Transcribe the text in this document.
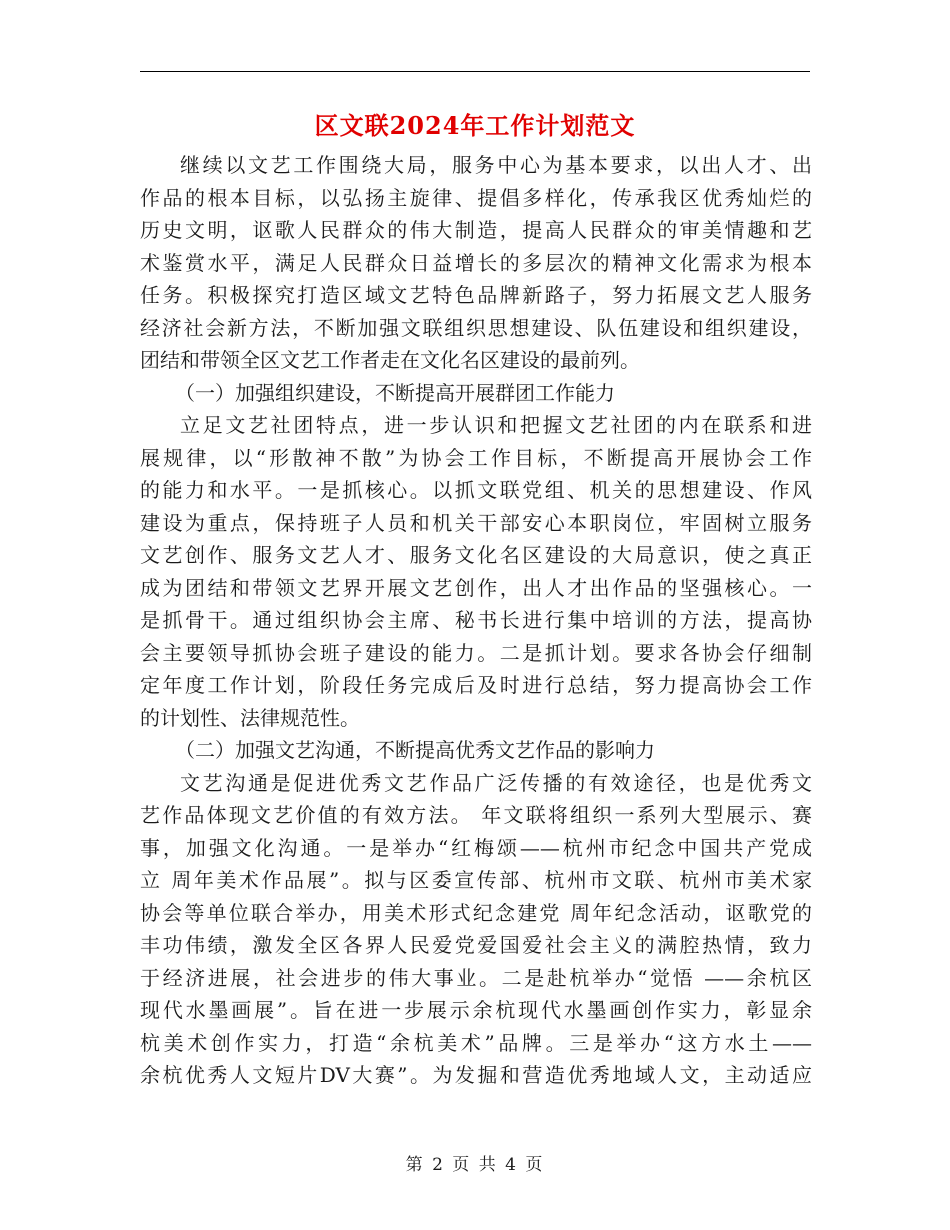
区文联2024年工作计划范文
继续以文艺工作围绕大局，服务中心为基本要求，以出人才、出
作品的根本目标，以弘扬主旋律、提倡多样化，传承我区优秀灿烂的
历史文明，讴歌人民群众的伟大制造，提高人民群众的审美情趣和艺
术鉴赏水平，满足人民群众日益增长的多层次的精神文化需求为根本
任务。积极探究打造区域文艺特色品牌新路子，努力拓展文艺人服务
经济社会新方法，不断加强文联组织思想建设、队伍建设和组织建设，
团结和带领全区文艺工作者走在文化名区建设的最前列。
（一）加强组织建设，不断提高开展群团工作能力
立足文艺社团特点，进一步认识和把握文艺社团的内在联系和进
展规律，以“形散神不散”为协会工作目标，不断提高开展协会工作
的能力和水平。一是抓核心。以抓文联党组、机关的思想建设、作风
建设为重点，保持班子人员和机关干部安心本职岗位，牢固树立服务
文艺创作、服务文艺人才、服务文化名区建设的大局意识，使之真正
成为团结和带领文艺界开展文艺创作，出人才出作品的坚强核心。一
是抓骨干。通过组织协会主席、秘书长进行集中培训的方法，提高协
会主要领导抓协会班子建设的能力。二是抓计划。要求各协会仔细制
定年度工作计划，阶段任务完成后及时进行总结，努力提高协会工作
的计划性、法律规范性。
（二）加强文艺沟通，不断提高优秀文艺作品的影响力
文艺沟通是促进优秀文艺作品广泛传播的有效途径，也是优秀文
艺作品体现文艺价值的有效方法。 年文联将组织一系列大型展示、赛
事，加强文化沟通。一是举办“红梅颂——杭州市纪念中国共产党成
立 周年美术作品展”。拟与区委宣传部、杭州市文联、杭州市美术家
协会等单位联合举办，用美术形式纪念建党 周年纪念活动，讴歌党的
丰功伟绩，激发全区各界人民爱党爱国爱社会主义的满腔热情，致力
于经济进展，社会进步的伟大事业。二是赴杭举办“觉悟 ——余杭区
现代水墨画展”。旨在进一步展示余杭现代水墨画创作实力，彰显余
杭美术创作实力，打造“余杭美术”品牌。三是举办“这方水土——
余杭优秀人文短片DV大赛”。为发掘和营造优秀地域人文，主动适应
第 2 页 共 4 页
